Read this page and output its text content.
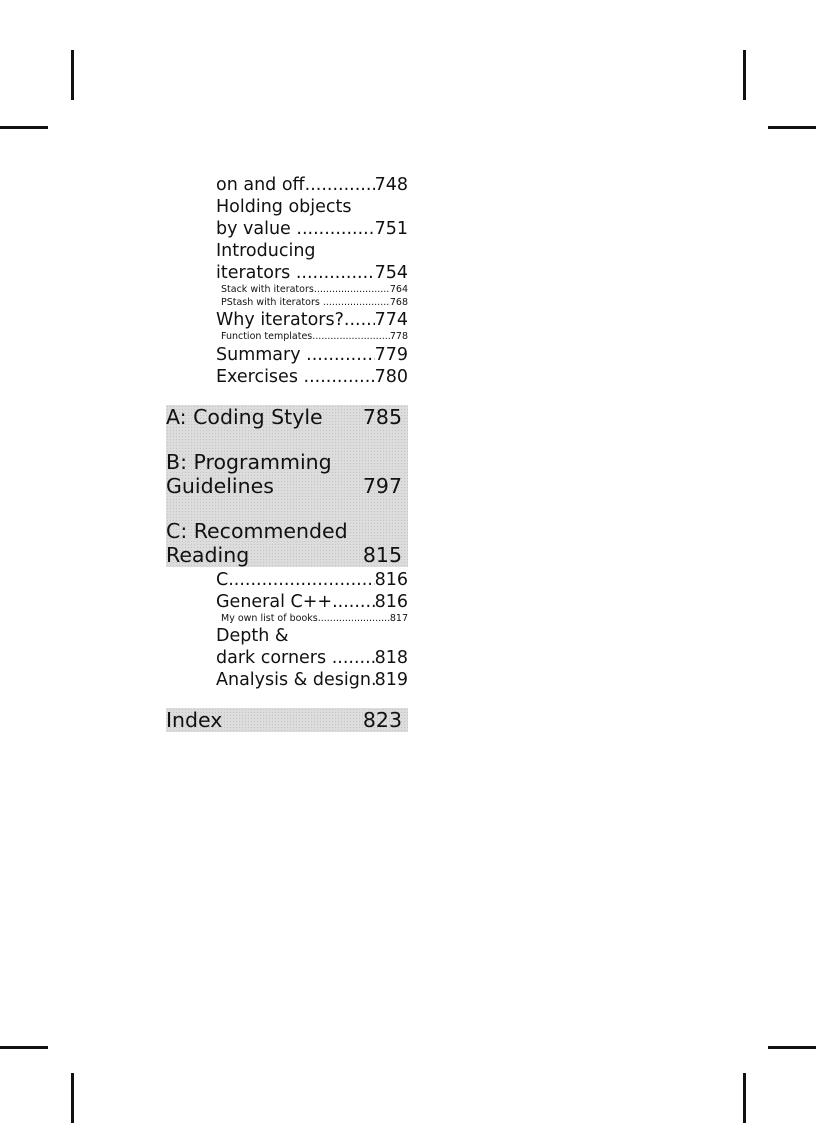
on and off .....	748
Holding objects
by value .....	751
Introducing
iterators .....	754
Stack with iterators .....	764
PStash with iterators .....	768
Why iterators? ..... 774
Function templates .....	778
Summary .....	779
Exercises .....	780
A: Coding Style 785
B: Programming
Guidelines	797
C: Recommended
Reading	815
C .....	816
General C++ ..... 816
My own list of books .....	817
Depth &
dark corners ..... 818
Analysis & design ..... 819
Index	823
